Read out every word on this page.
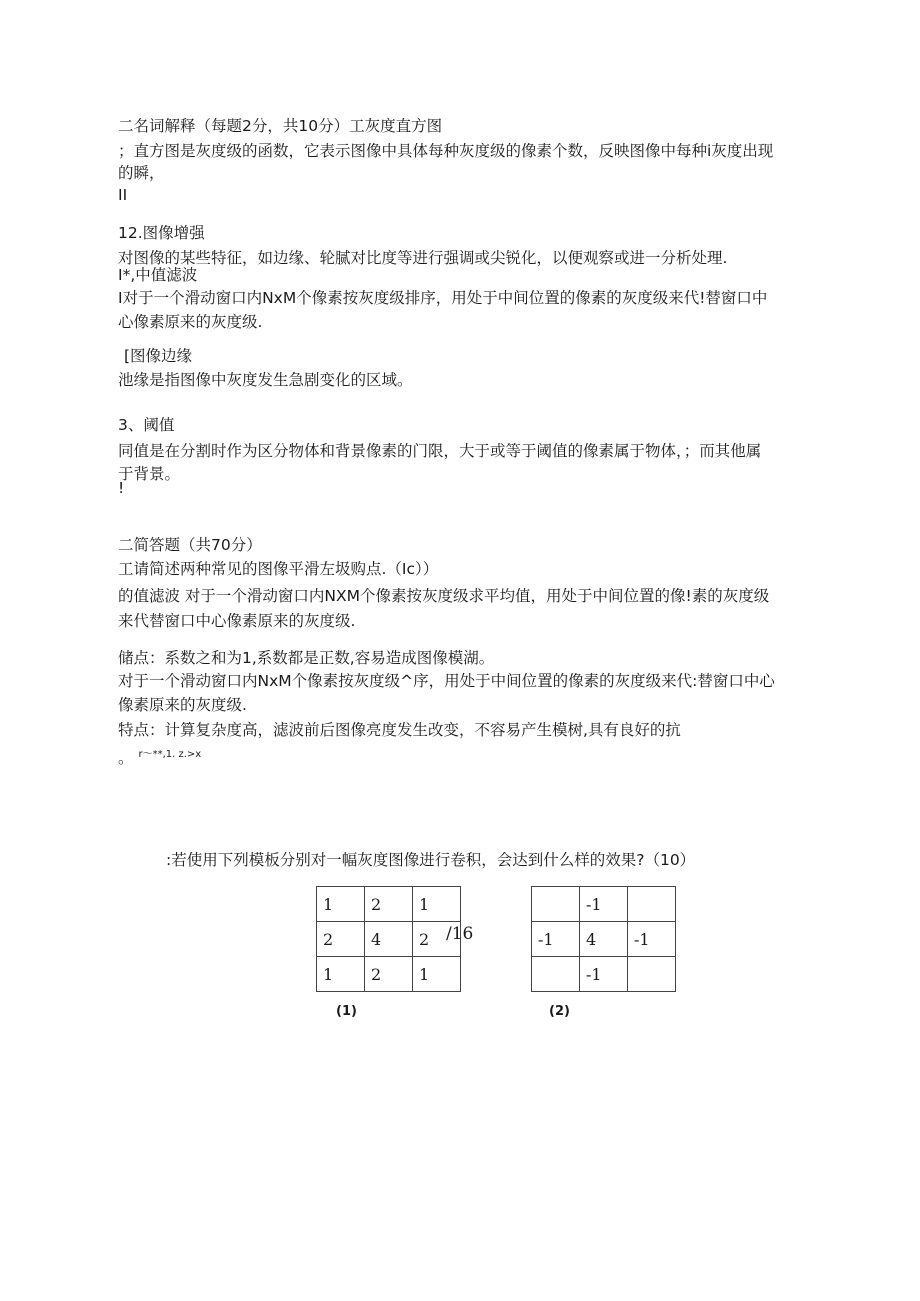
二名词解释（每题2分，共10分）工灰度直方图
；直方图是灰度级的函数，它表示图像中具体每种灰度级的像素个数，反映图像中每种i灰度出现
的瞬，
II
12.图像增强
对图像的某些特征，如边缘、轮腻对比度等进行强调或尖锐化，以便观察或进一分析处理.
I*,中值滤波
I对于一个滑动窗口内NxM个像素按灰度级排序，用处于中间位置的像素的灰度级来代!替窗口中
心像素原来的灰度级.
[图像边缘
池缘是指图像中灰度发生急剧变化的区域。
3、阈值
同值是在分割时作为区分物体和背景像素的门限，大于或等于阈值的像素属于物体，；而其他属
于背景。
!
二简答题（共70分）
工请简述两种常见的图像平滑左圾购点.（Ic））
的值滤波 对于一个滑动窗口内NXM个像素按灰度级求平均值，用处于中间位置的像!素的灰度级
来代替窗口中心像素原来的灰度级.
储点：系数之和为1,系数都是正数,容易造成图像模湖。
对于一个滑动窗口内NxM个像素按灰度级^序，用处于中间位置的像素的灰度级来代:替窗口中心
像素原来的灰度级.
特点：计算复杂度高，滤波前后图像亮度发生改变，不容易产生模树,具有良好的抗
。 $^{r\sim**,1. z.>x}$
:若使用下列模板分别对一幅灰度图像进行卷积，会达到什么样的效果?（10）
1	2	1
2	4	2
1	2	1
/16
(1)
	-1	
-1	4	-1
	-1	
(2)
